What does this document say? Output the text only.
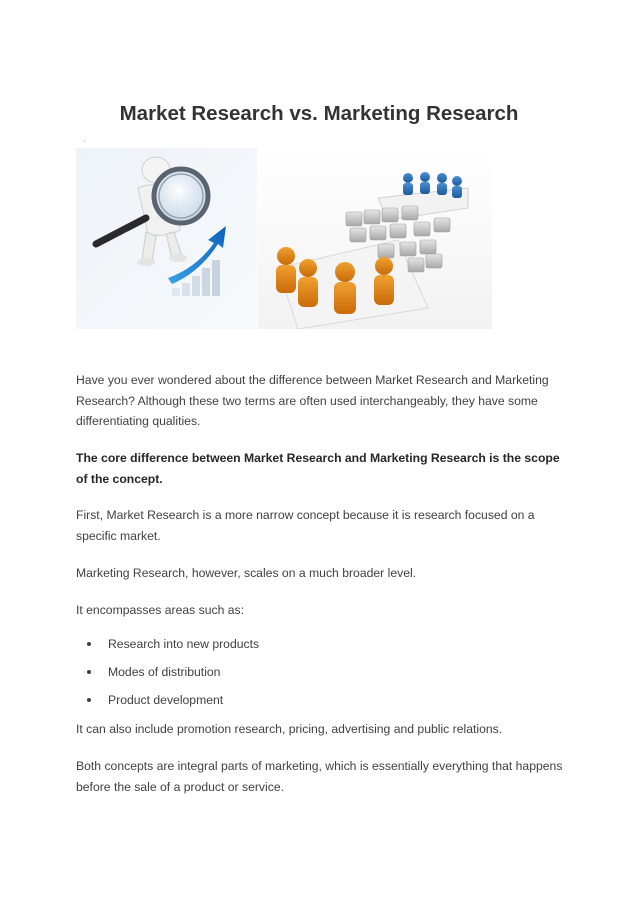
Market Research vs. Marketing Research
'

Have you ever wondered about the difference between Market Research and Marketing Research? Although these two terms are often used interchangeably, they have some differentiating qualities.

The core difference between Market Research and Marketing Research is the scope of the concept.

First, Market Research is a more narrow concept because it is research focused on a specific market.

Marketing Research, however, scales on a much broader level.

It encompasses areas such as:

Research into new products
Modes of distribution
Product development

It can also include promotion research, pricing, advertising and public relations.

Both concepts are integral parts of marketing, which is essentially everything that happens before the sale of a product or service.
